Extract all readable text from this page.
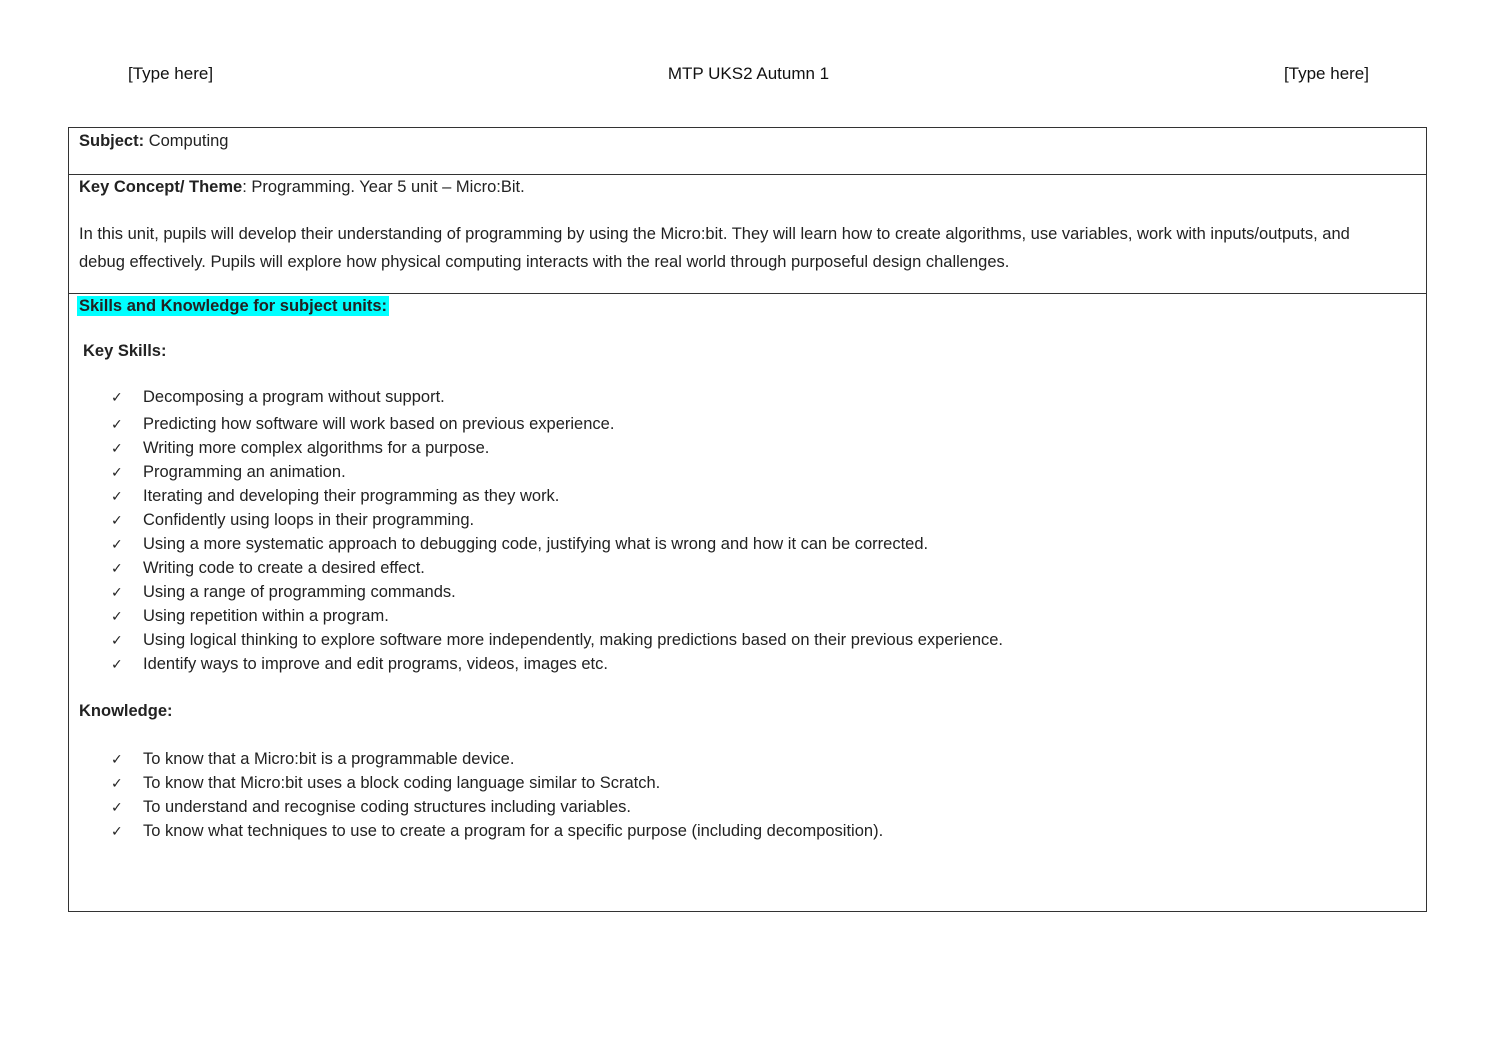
[Type here]	MTP UKS2 Autumn 1	[Type here]
Subject: Computing
Key Concept/ Theme: Programming. Year 5 unit – Micro:Bit.
In this unit, pupils will develop their understanding of programming by using the Micro:bit. They will learn how to create algorithms, use variables, work with inputs/outputs, and debug effectively. Pupils will explore how physical computing interacts with the real world through purposeful design challenges.
Skills and Knowledge for subject units:
Key Skills:
✓ Decomposing a program without support.
✓ Predicting how software will work based on previous experience.
✓ Writing more complex algorithms for a purpose.
✓ Programming an animation.
✓ Iterating and developing their programming as they work.
✓ Confidently using loops in their programming.
✓ Using a more systematic approach to debugging code, justifying what is wrong and how it can be corrected.
✓ Writing code to create a desired effect.
✓ Using a range of programming commands.
✓ Using repetition within a program.
✓ Using logical thinking to explore software more independently, making predictions based on their previous experience.
✓ Identify ways to improve and edit programs, videos, images etc.
Knowledge:
✓ To know that a Micro:bit is a programmable device.
✓ To know that Micro:bit uses a block coding language similar to Scratch.
✓ To understand and recognise coding structures including variables.
✓ To know what techniques to use to create a program for a specific purpose (including decomposition).
